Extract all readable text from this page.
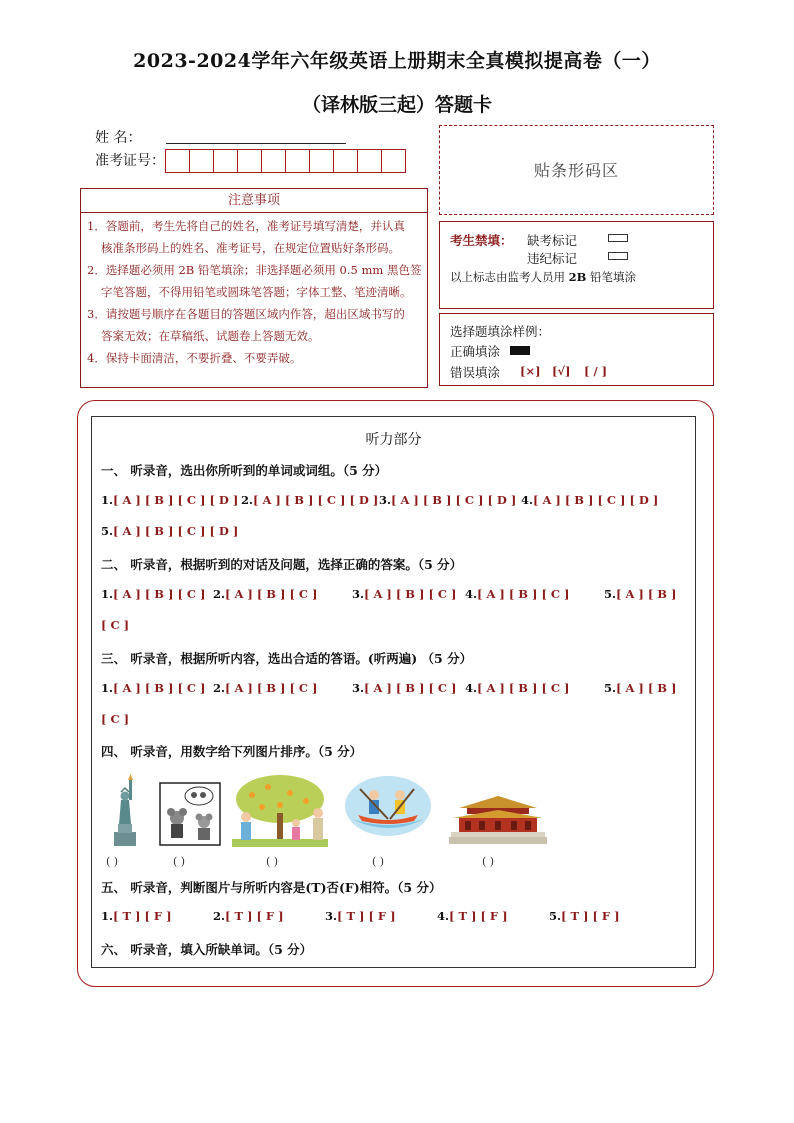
2023-2024学年六年级英语上册期末全真模拟提高卷（一）
（译林版三起）答题卡
姓 名：
准考证号：	贴条形码区
注意事项
1．答题前，考生先将自己的姓名，准考证号填写清楚，并认真
核准条形码上的姓名、准考证号，在规定位置贴好条形码。
2．选择题必须用 2B 铅笔填涂；非选择题必须用 0.5 mm 黑色签
字笔答题，不得用铅笔或圆珠笔答题；字体工整、笔迹清晰。
3．请按题号顺序在各题目的答题区域内作答，超出区域书写的
答案无效；在草稿纸、试题卷上答题无效。
4．保持卡面清洁，不要折叠、不要弄破。
考生禁填： 缺考标记
违纪标记
以上标志由监考人员用 2B 铅笔填涂
选择题填涂样例：
正确填涂
错误填涂 [×] [√] [ / ]
听力部分
一、 听录音，选出你所听到的单词或词组。（5 分）
1.[ A ] [ B ] [ C ] [ D ] 2.[ A ] [ B ] [ C ] [ D ] 3.[ A ] [ B ] [ C ] [ D ] 4.[ A ] [ B ] [ C ] [ D ]
5.[ A ] [ B ] [ C ] [ D ]
二、 听录音，根据听到的对话及问题，选择正确的答案。（5 分）
1.[ A ] [ B ] [ C ] 2.[ A ] [ B ] [ C ]	3.[ A ] [ B ] [ C ] 4.[ A ] [ B ] [ C ]	5.[ A ] [ B ]
[ C ]
三、 听录音，根据所听内容，选出合适的答语。(听两遍) （5 分）
1.[ A ] [ B ] [ C ] 2.[ A ] [ B ] [ C ]	3.[ A ] [ B ] [ C ] 4.[ A ] [ B ] [ C ]	5.[ A ] [ B ]
[ C ]
四、 听录音，用数字给下列图片排序。（5 分）
( )	( )	( )	( )	( )
五、 听录音，判断图片与所听内容是(T)否(F)相符。（5 分）
1.[ T ] [ F ]	2.[ T ] [ F ]	3.[ T ] [ F ]	4.[ T ] [ F ]	5.[ T ] [ F ]
六、 听录音，填入所缺单词。（5 分）
